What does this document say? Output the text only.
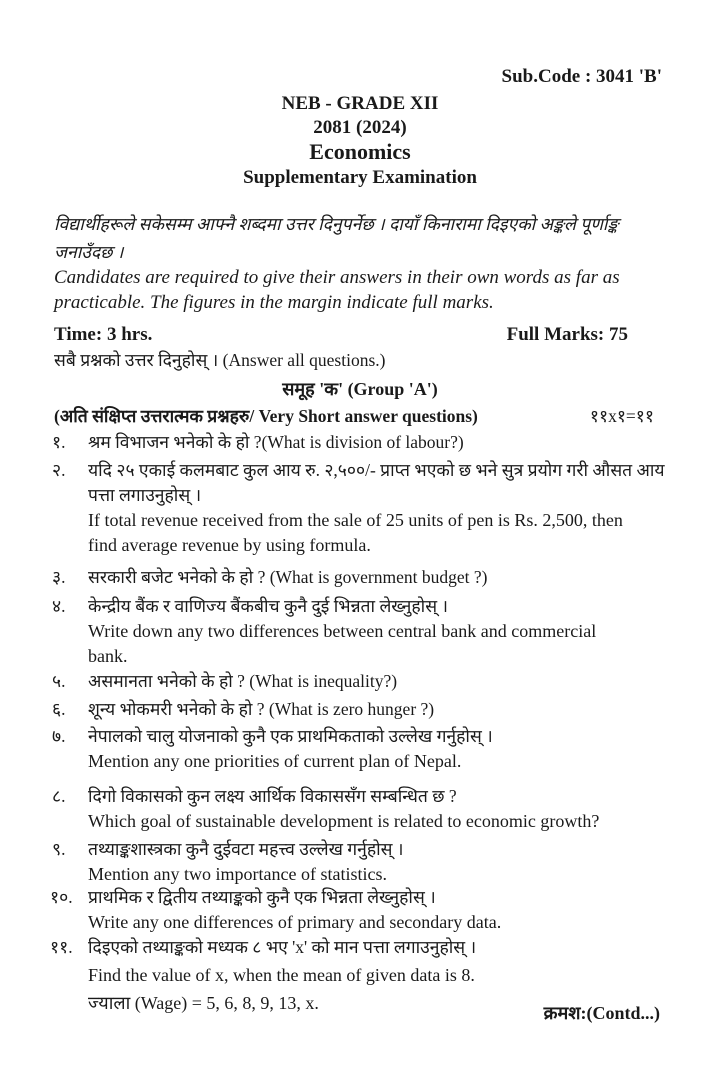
Sub.Code : 3041 'B'
NEB - GRADE XII
2081 (2024)
Economics
Supplementary Examination
विद्यार्थीहरूले सकेसम्म आफ्नै शब्दमा उत्तर दिनुपर्नेछ । दायाँ किनारामा दिइएको अङ्कले पूर्णाङ्क
जनाउँदछ ।
Candidates are required to give their answers in their own words as far as
practicable. The figures in the margin indicate full marks.
Time: 3 hrs.	Full Marks: 75
सबै प्रश्नको उत्तर दिनुहोस् । (Answer all questions.)
समूह 'क' (Group 'A')
(अति संक्षिप्त उत्तरात्मक प्रश्नहरु/ Very Short answer questions)	११x१=११
१. श्रम विभाजन भनेको के हो ?(What is division of labour?)
२. यदि २५ एकाई कलमबाट कुल आय रु. २,५००/- प्राप्त भएको छ भने सुत्र प्रयोग गरी औसत आय
पत्ता लगाउनुहोस् ।
If total revenue received from the sale of 25 units of pen is Rs. 2,500, then
find average revenue by using formula.
३. सरकारी बजेट भनेको के हो ? (What is government budget ?)
४. केन्द्रीय बैंक र वाणिज्य बैंकबीच कुनै दुई भिन्नता लेख्नुहोस् ।
Write down any two differences between central bank and commercial
bank.
५. असमानता भनेको के हो ? (What is inequality?)
६. शून्य भोकमरी भनेको के हो ? (What is zero hunger ?)
७. नेपालको चालु योजनाको कुनै एक प्राथमिकताको उल्लेख गर्नुहोस् ।
Mention any one priorities of current plan of Nepal.
८. दिगो विकासको कुन लक्ष्य आर्थिक विकाससँग सम्बन्धित छ ?
Which goal of sustainable development is related to economic growth?
९. तथ्याङ्कशास्त्रका कुनै दुईवटा महत्त्व उल्लेख गर्नुहोस् ।
Mention any two importance of statistics.
१०. प्राथमिक र द्वितीय तथ्याङ्कको कुनै एक भिन्नता लेख्नुहोस् ।
Write any one differences of primary and secondary data.
११. दिइएको तथ्याङ्कको मध्यक ८ भए 'x' को मान पत्ता लगाउनुहोस् ।
Find the value of x, when the mean of given data is 8.
ज्याला (Wage) = 5, 6, 8, 9, 13, x.	क्रमश:(Contd...)
